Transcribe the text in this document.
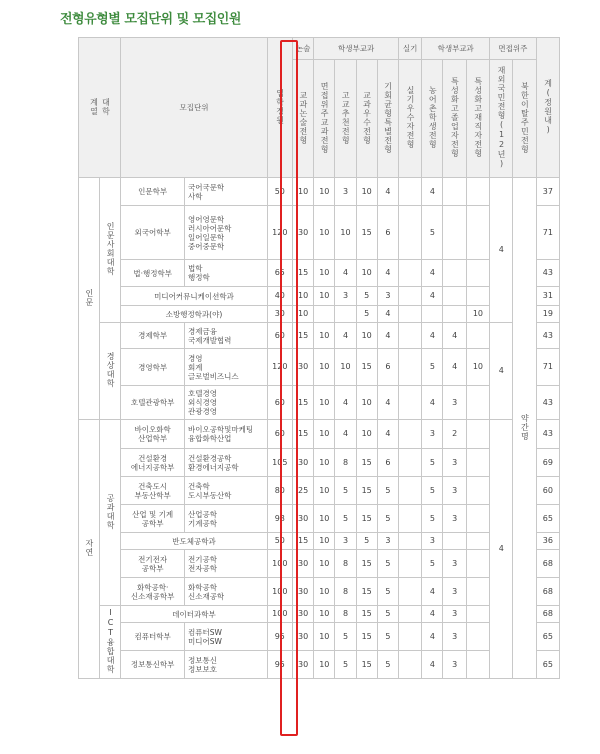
전형유형별 모집단위 및 모집인원
계열 대학		모집단위		입학정원	논술	학생부교과				실기	학생부교과			면접위주		계(정원내)
					교과논술전형	면접위주교과전형	고교추천전형	교과우수전형	기회균형특별전형	실기우수자전형	농어촌학생전형	특성화고졸업자전형	특성화고재직자전형	재외국민전형(12년)	북한이탈주민전형	
인문	인문사회대학	인문학부	국어국문학
사학	50	10	10	3	10	4		4			4	약간명	37
		외국어학부	영어영문학
러시아어문학
일어일문학
중어중문학	120	30	10	10	15	6		5					71
		법·행정학부	법학
행정학	65	15	10	4	10	4		4					43
		미디어커뮤니케이션학과		40	10	10	3	5	3		4					31
		소방행정학과(야)		30	10			5	4				10			19
	경상대학	경제학부	경제금융
국제개발협력	60	15	10	4	10	4		4	4		4		43
		경영학부	경영
회계
글로벌비즈니스	120	30	10	10	15	6		5	4	10			71
		호텔관광학부	호텔경영
외식경영
관광경영	60	15	10	4	10	4		4	3				43
자연	공과대학	바이오화학
산업학부	바이오공학및마케팅
융합화학산업	60	15	10	4	10	4		3	2		4		43
		건설환경
에너지공학부	건설환경공학
환경에너지공학	105	30	10	8	15	6		5	3				69
		건축도시
부동산학부	건축학
도시부동산학	80	25	10	5	15	5		5	3				60
		산업 및 기계
공학부	산업공학
기계공학	98	30	10	5	15	5		5	3				65
		반도체공학과		50	15	10	3	5	3		3					36
		전기전자
공학부	전기공학
전자공학	100	30	10	8	15	5		5	3				68
		화학공학·
신소재공학부	화학공학
신소재공학	100	30	10	8	15	5		4	3				68
	ICT융합대학	데이터과학부		100	30	10	8	15	5		4	3				68
		컴퓨터학부	컴퓨터SW
미디어SW	95	30	10	5	15	5		4	3				65
		정보통신학부	정보통신
정보보호	95	30	10	5	15	5		4	3				65
